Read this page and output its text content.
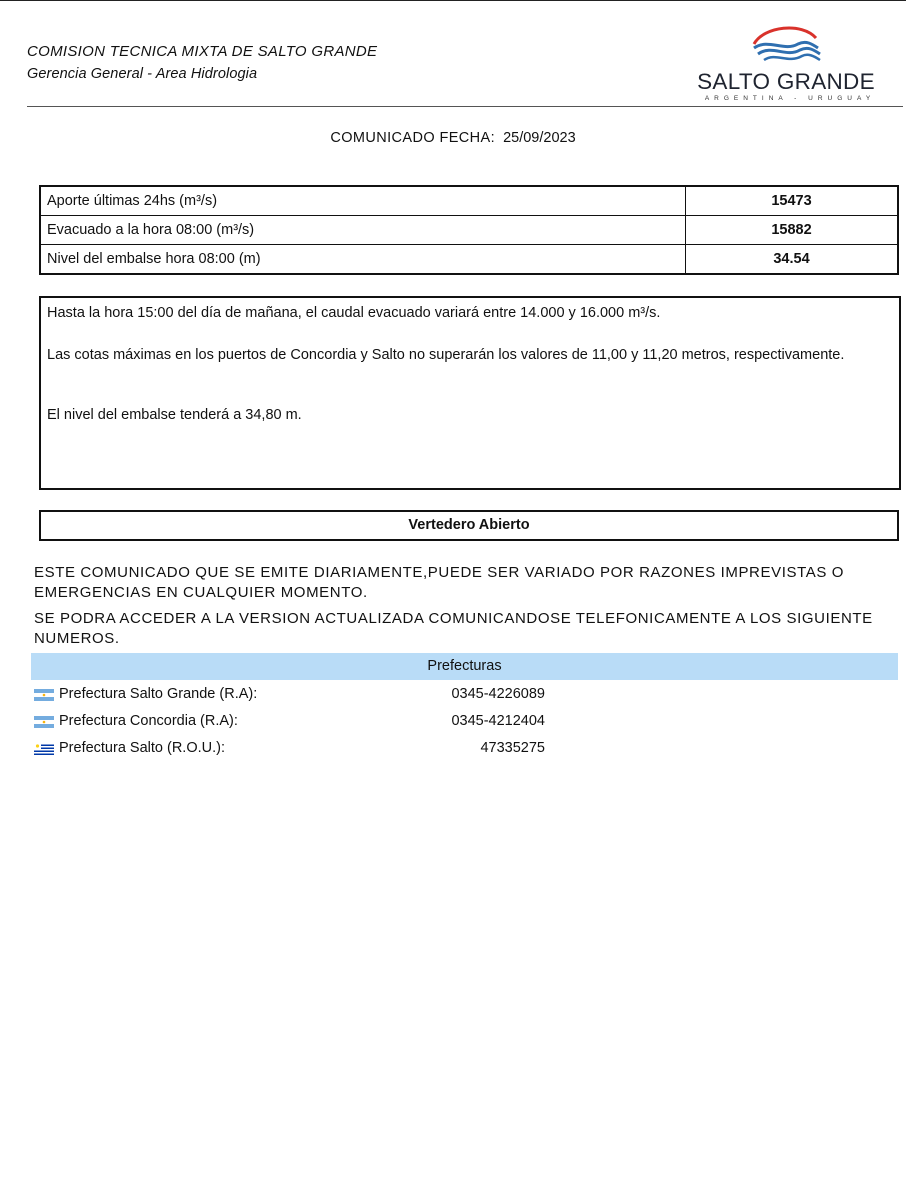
COMISION TECNICA MIXTA DE SALTO GRANDE
Gerencia General - Area Hidrologia	SALTO GRANDE
ARGENTINA - URUGUAY
COMUNICADO FECHA: 25/09/2023
Aporte últimas 24hs (m³/s)	15473
Evacuado a la hora 08:00 (m³/s)	15882
Nivel del embalse hora 08:00 (m)	34.54

Hasta la hora 15:00 del día de mañana, el caudal evacuado variará entre 14.000 y 16.000 m³/s.

Las cotas máximas en los puertos de Concordia y Salto no superarán los valores de 11,00 y 11,20 metros, respectivamente.

El nivel del embalse tenderá a 34,80 m.

Vertedero Abierto

ESTE COMUNICADO QUE SE EMITE DIARIAMENTE,PUEDE SER VARIADO POR RAZONES IMPREVISTAS O EMERGENCIAS EN CUALQUIER MOMENTO.

SE PODRA ACCEDER A LA VERSION ACTUALIZADA COMUNICANDOSE TELEFONICAMENTE A LOS SIGUIENTE NUMEROS.

Prefecturas
Prefectura Salto Grande (R.A):	0345-4226089
Prefectura Concordia (R.A):	0345-4212404
Prefectura Salto (R.O.U.):	47335275
